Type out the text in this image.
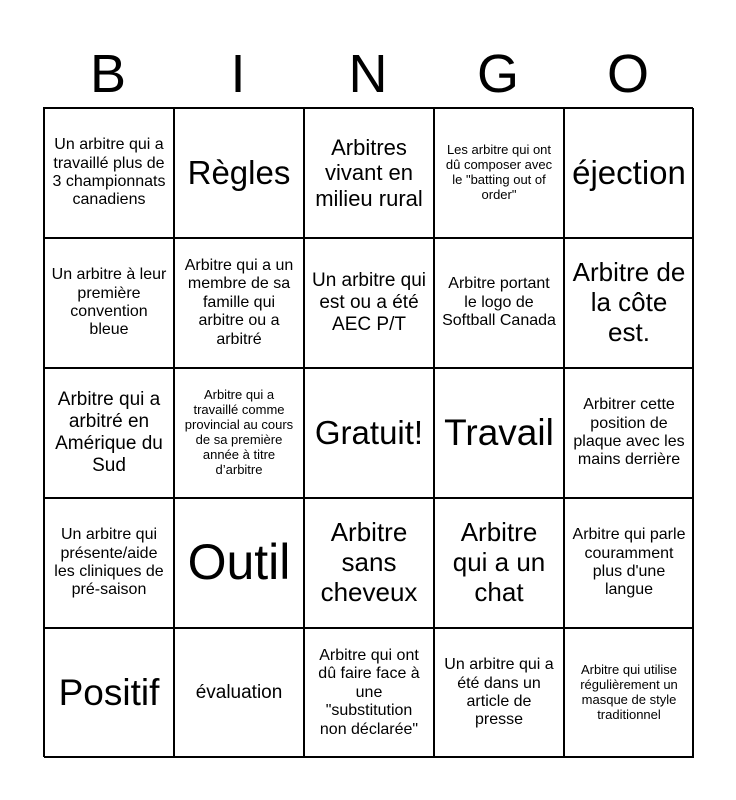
B	I	N	G	O
Un arbitre qui a travaillé plus de 3 championnats canadiens
Règles
Arbitres vivant en milieu rural
Les arbitre qui ont dû composer avec le "batting out of order"
éjection
Un arbitre à leur première convention bleue
Arbitre qui a un membre de sa famille qui arbitre ou a arbitré
Un arbitre qui est ou a été AEC P/T
Arbitre portant le logo de Softball Canada
Arbitre de la côte est.
Arbitre qui a arbitré en Amérique du Sud
Arbitre qui a travaillé comme provincial au cours de sa première année à titre d’arbitre
Gratuit! Travail
Arbitrer cette position de plaque avec les mains derrière
Un arbitre qui présente/aide les cliniques de pré-saison Outil
Arbitre sans cheveux
Arbitre qui a un chat
Arbitre qui parle couramment plus d'une langue
Positif évaluation
Arbitre qui ont dû faire face à une "substitution non déclarée"
Un arbitre qui a été dans un article de presse
Arbitre qui utilise régulièrement un masque de style traditionnel
